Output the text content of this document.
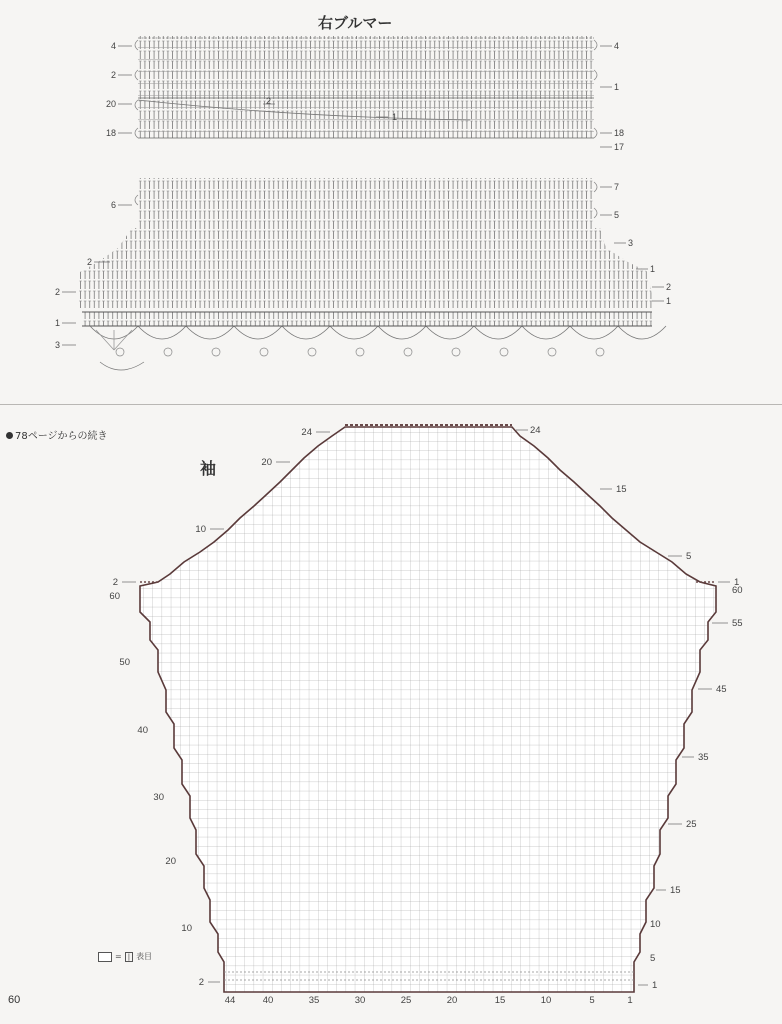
右ブルマー
4
2
20
18
6
2
2
1
3
4
1
2
1
18
17
7
5
3
1
2
1
78ページからの続き
袖
24
20
10
2
60
50
40
30
20
10
2
24
15
5
1
60
55
45
35
25
15
10
5
1
44	40	35	30	25	20	15	10	5	1
= | 表目
60
